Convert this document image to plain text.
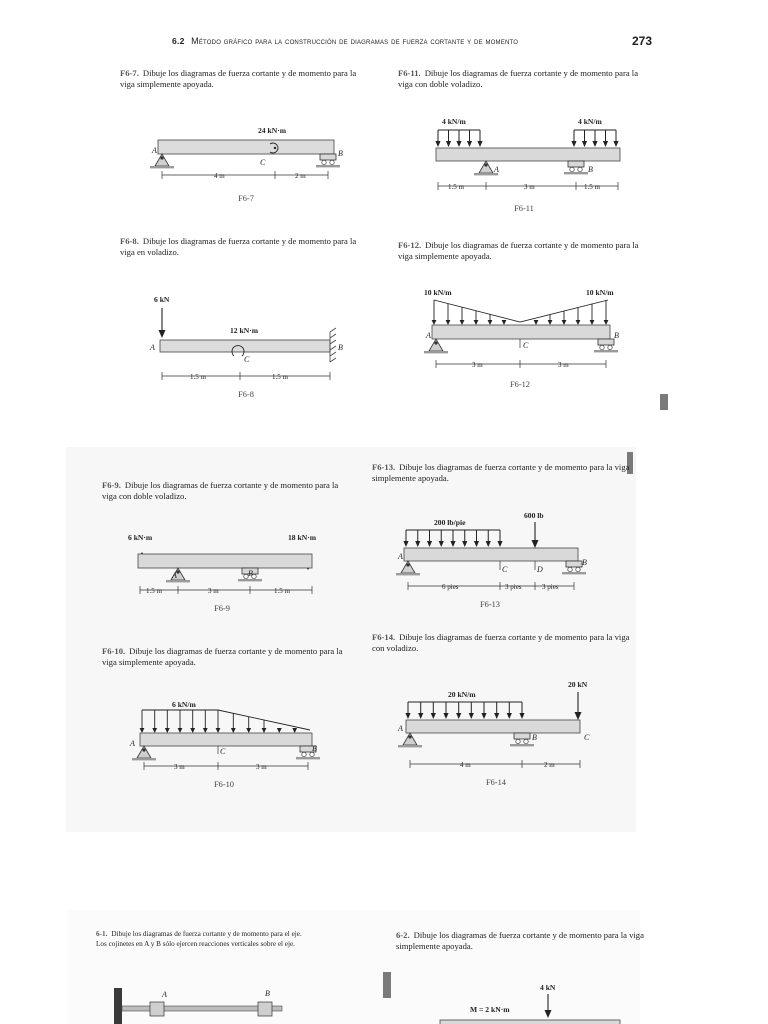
6.2 Método gráfico para la construcción de diagramas de fuerza cortante y de momento	273

F6-7. Dibuje los diagramas de fuerza cortante y de momento para la viga simplemente apoyada.

24 kN·m
A
C
B
4 m	2 m
F6-7

F6-11. Dibuje los diagramas de fuerza cortante y de momento para la viga con doble voladizo.

4 kN/m	4 kN/m
A	B
1.5 m	3 m	1.5 m
F6-11

F6-8. Dibuje los diagramas de fuerza cortante y de momento para la viga en voladizo.

6 kN
12 kN·m
A
C
B
1.5 m	1.5 m
F6-8

F6-12. Dibuje los diagramas de fuerza cortante y de momento para la viga simplemente apoyada.

10 kN/m	10 kN/m
A
C
B
3 m	3 m
F6-12

F6-9. Dibuje los diagramas de fuerza cortante y de momento para la viga con doble voladizo.

6 kN·m	18 kN·m
A	B
1.5 m	3 m	1.5 m
F6-9

F6-13. Dibuje los diagramas de fuerza cortante y de momento para la viga simplemente apoyada.

200 lb/pie
600 lb
A
C	D
B
6 pies	3 pies	3 pies
F6-13

F6-10. Dibuje los diagramas de fuerza cortante y de momento para la viga simplemente apoyada.

6 kN/m
A
C	B
3 m	3 m
F6-10

F6-14. Dibuje los diagramas de fuerza cortante y de momento para la viga con voladizo.

20 kN/m
20 kN
A
B	C
4 m	2 m
F6-14

6-1. Dibuje los diagramas de fuerza cortante y de momento para el eje. Los cojinetes en A y B sólo ejercen reacciones verticales sobre el eje.

A	B

6-2. Dibuje los diagramas de fuerza cortante y de momento para la viga simplemente apoyada.

4 kN
M = 2 kN·m
